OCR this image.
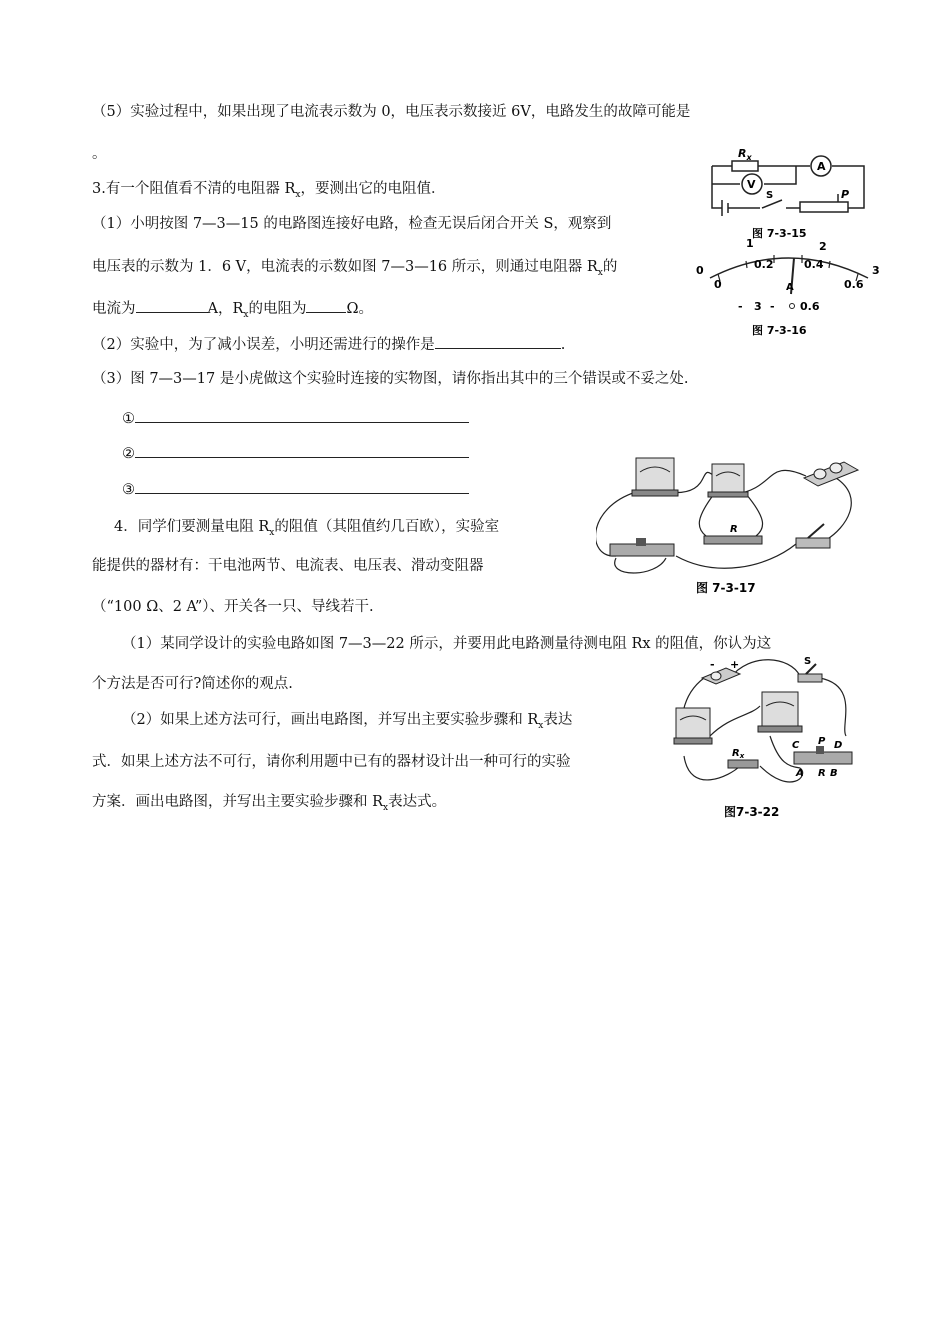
（5）实验过程中，如果出现了电流表示数为 0，电压表示数接近 6V，电路发生的故障可能是
。
3.有一个阻值看不清的电阻器 $R_x$，要测出它的电阻值．
（1）小明按图 7—3—15 的电路图连接好电路，检查无误后闭合开关 S，观察到
电压表的示数为 1．6 V，电流表的示数如图 7—3—16 所示，则通过电阻器 $R_x$的
电流为	A，$R_x$的电阻为	Ω。
（2）实验中，为了减小误差，小明还需进行的操作是	.
（3）图 7—3—17 是小虎做这个实验时连接的实物图，请你指出其中的三个错误或不妥之处.
①
②
③
4．同学们要测量电阻 $R_x$的阻值（其阻值约几百欧），实验室
能提供的器材有：干电池两节、电流表、电压表、滑动变阻器
（“100 Ω、2 A”）、开关各一只、导线若干.
（1）某同学设计的实验电路如图 7—3—22 所示，并要用此电路测量待测电阻 Rx 的阻值，你认为这
个方法是否可行?简述你的观点.
（2）如果上述方法可行，画出电路图，并写出主要实验步骤和 $R_x$表达
式．如果上述方法不可行，请你利用题中已有的器材设计出一种可行的实验
方案．画出电路图，并写出主要实验步骤和 $R_x$表达式。
$R_x$
A
V
S	P
图 7-3-15
0
1	2
3
0
0.2	0.4
0.6
A
- 3 - 0.6
图 7-3-16
R
图 7-3-17
- +	S
$R_x$
C P D
A R B
图7-3-22
